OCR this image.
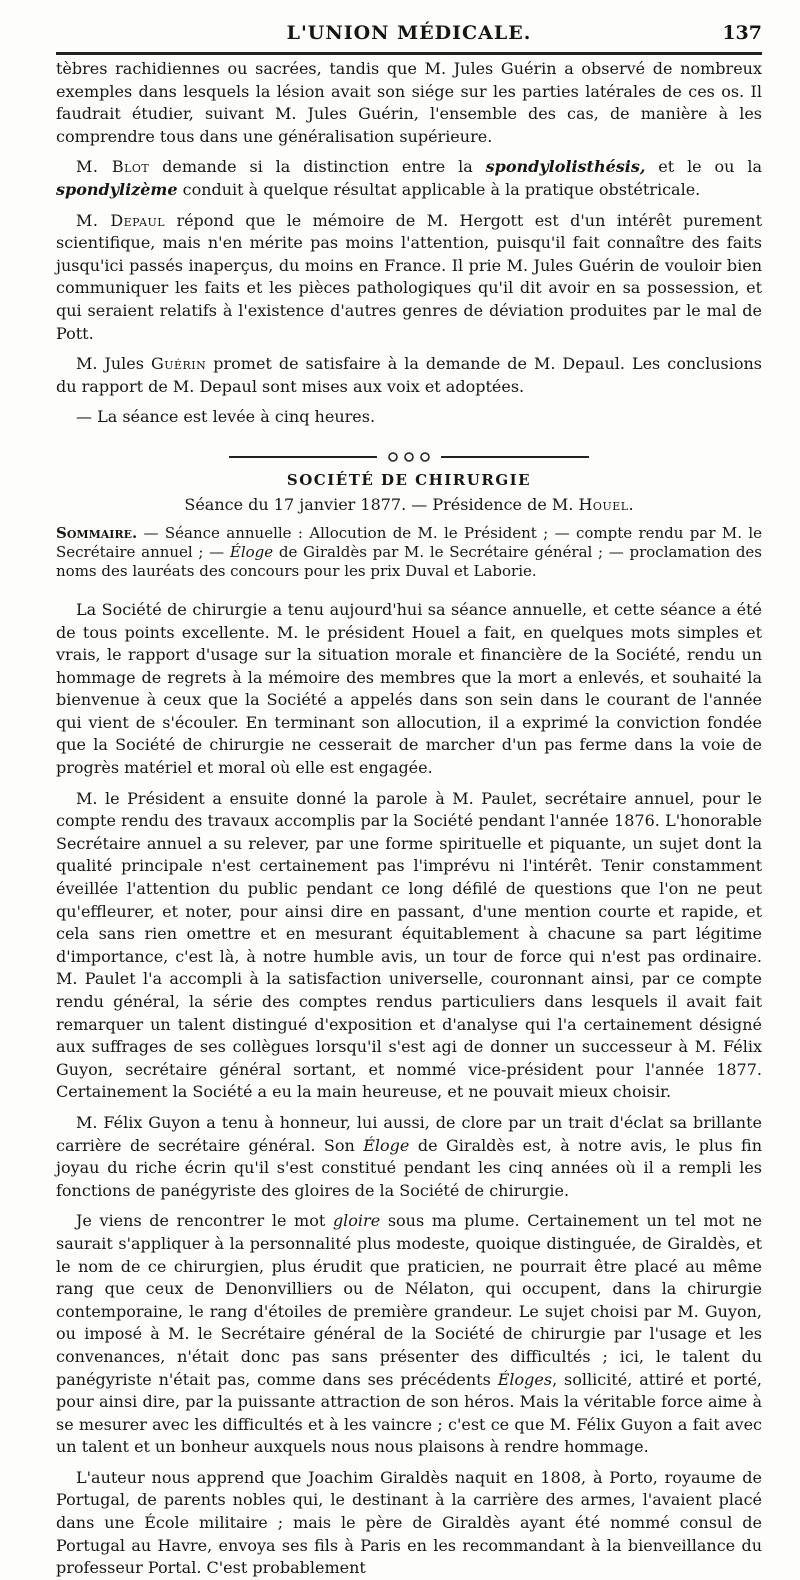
L'UNION MÉDICALE.	137

tèbres rachidiennes ou sacrées, tandis que M. Jules Guérin a observé de nombreux exemples dans lesquels la lésion avait son siége sur les parties latérales de ces os. Il faudrait étudier, suivant M. Jules Guérin, l'ensemble des cas, de manière à les comprendre tous dans une généralisation supérieure.

M. Blot demande si la distinction entre la spondylolisthésis, et le ou la spondylizème conduit à quelque résultat applicable à la pratique obstétricale.

M. Depaul répond que le mémoire de M. Hergott est d'un intérêt purement scientifique, mais n'en mérite pas moins l'attention, puisqu'il fait connaître des faits jusqu'ici passés inaperçus, du moins en France. Il prie M. Jules Guérin de vouloir bien communiquer les faits et les pièces pathologiques qu'il dit avoir en sa possession, et qui seraient relatifs à l'existence d'autres genres de déviation produites par le mal de Pott.

M. Jules Guérin promet de satisfaire à la demande de M. Depaul. Les conclusions du rapport de M. Depaul sont mises aux voix et adoptées.

— La séance est levée à cinq heures.

SOCIÉTÉ DE CHIRURGIE
Séance du 17 janvier 1877. — Présidence de M. Houel.
Sommaire. — Séance annuelle : Allocution de M. le Président ; — compte rendu par M. le Secrétaire annuel ; — Éloge de Giraldès par M. le Secrétaire général ; — proclamation des noms des lauréats des concours pour les prix Duval et Laborie.

La Société de chirurgie a tenu aujourd'hui sa séance annuelle, et cette séance a été de tous points excellente. M. le président Houel a fait, en quelques mots simples et vrais, le rapport d'usage sur la situation morale et financière de la Société, rendu un hommage de regrets à la mémoire des membres que la mort a enlevés, et souhaité la bienvenue à ceux que la Société a appelés dans son sein dans le courant de l'année qui vient de s'écouler. En terminant son allocution, il a exprimé la conviction fondée que la Société de chirurgie ne cesserait de marcher d'un pas ferme dans la voie de progrès matériel et moral où elle est engagée.

M. le Président a ensuite donné la parole à M. Paulet, secrétaire annuel, pour le compte rendu des travaux accomplis par la Société pendant l'année 1876. L'honorable Secrétaire annuel a su relever, par une forme spirituelle et piquante, un sujet dont la qualité principale n'est certainement pas l'imprévu ni l'intérêt. Tenir constamment éveillée l'attention du public pendant ce long défilé de questions que l'on ne peut qu'effleurer, et noter, pour ainsi dire en passant, d'une mention courte et rapide, et cela sans rien omettre et en mesurant équitablement à chacune sa part légitime d'importance, c'est là, à notre humble avis, un tour de force qui n'est pas ordinaire. M. Paulet l'a accompli à la satisfaction universelle, couronnant ainsi, par ce compte rendu général, la série des comptes rendus particuliers dans lesquels il avait fait remarquer un talent distingué d'exposition et d'analyse qui l'a certainement désigné aux suffrages de ses collègues lorsqu'il s'est agi de donner un successeur à M. Félix Guyon, secrétaire général sortant, et nommé vice-président pour l'année 1877. Certainement la Société a eu la main heureuse, et ne pouvait mieux choisir.

M. Félix Guyon a tenu à honneur, lui aussi, de clore par un trait d'éclat sa brillante carrière de secrétaire général. Son Éloge de Giraldès est, à notre avis, le plus fin joyau du riche écrin qu'il s'est constitué pendant les cinq années où il a rempli les fonctions de panégyriste des gloires de la Société de chirurgie.

Je viens de rencontrer le mot gloire sous ma plume. Certainement un tel mot ne saurait s'appliquer à la personnalité plus modeste, quoique distinguée, de Giraldès, et le nom de ce chirurgien, plus érudit que praticien, ne pourrait être placé au même rang que ceux de Denonvilliers ou de Nélaton, qui occupent, dans la chirurgie contemporaine, le rang d'étoiles de première grandeur. Le sujet choisi par M. Guyon, ou imposé à M. le Secrétaire général de la Société de chirurgie par l'usage et les convenances, n'était donc pas sans présenter des difficultés ; ici, le talent du panégyriste n'était pas, comme dans ses précédents Éloges, sollicité, attiré et porté, pour ainsi dire, par la puissante attraction de son héros. Mais la véritable force aime à se mesurer avec les difficultés et à les vaincre ; c'est ce que M. Félix Guyon a fait avec un talent et un bonheur auxquels nous nous plaisons à rendre hommage.

L'auteur nous apprend que Joachim Giraldès naquit en 1808, à Porto, royaume de Portugal, de parents nobles qui, le destinant à la carrière des armes, l'avaient placé dans une École militaire ; mais le père de Giraldès ayant été nommé consul de Portugal au Havre, envoya ses fils à Paris en les recommandant à la bienveillance du professeur Portal. C'est probablement
